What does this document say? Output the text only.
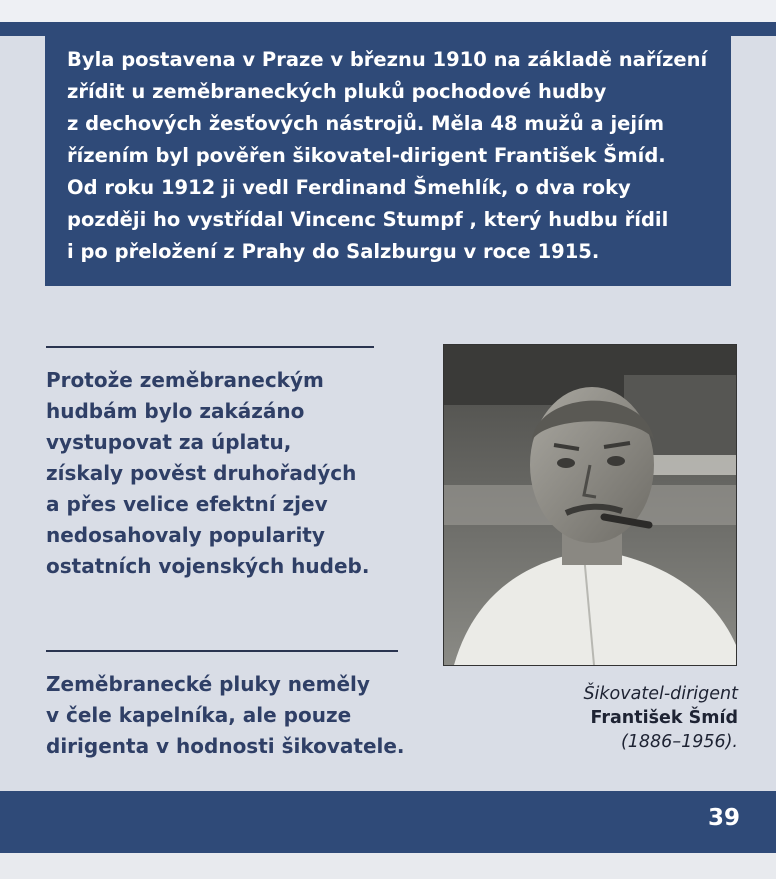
Byla postavena v Praze v březnu 1910 na základě nařízení
zřídit u zeměbraneckých pluků pochodové hudby
z dechových žesťových nástrojů. Měla 48 mužů a jejím
řízením byl pověřen šikovatel-dirigent František Šmíd.
Od roku 1912 ji vedl Ferdinand Šmehlík, o dva roky
později ho vystřídal Vincenc Stumpf , který hudbu řídil
i po přeložení z Prahy do Salzburgu v roce 1915.
Protože zeměbraneckým
hudbám bylo zakázáno
vystupovat za úplatu,
získaly pověst druhořadých
a přes velice efektní zjev
nedosahovaly popularity
ostatních vojenských hudeb.
Zeměbranecké pluky neměly
v čele kapelníka, ale pouze
dirigenta v hodnosti šikovatele.
Šikovatel-dirigent
František Šmíd
(1886–1956).
39
